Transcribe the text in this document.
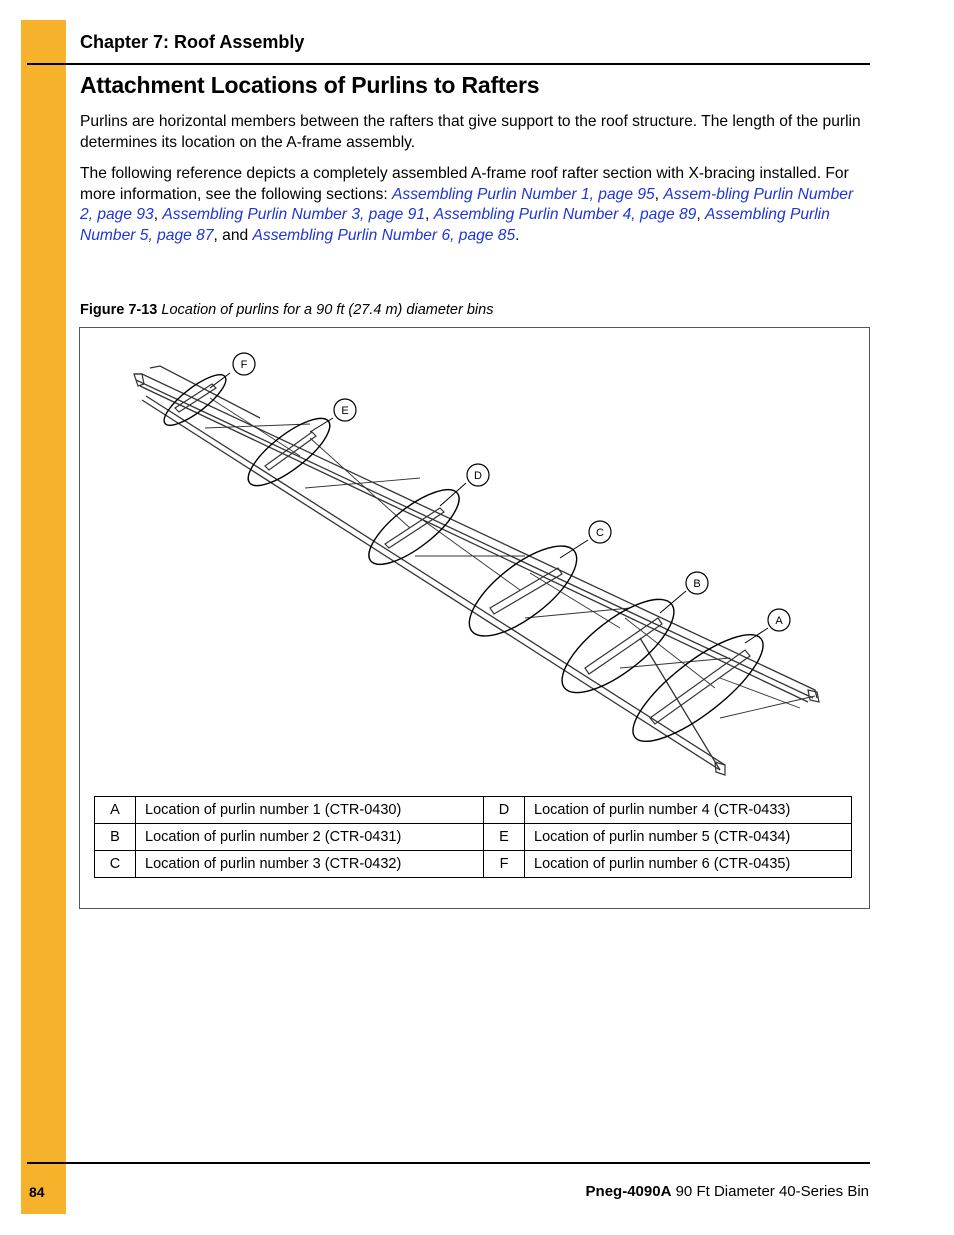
Chapter 7: Roof Assembly
Attachment Locations of Purlins to Rafters

Purlins are horizontal members between the rafters that give support to the roof structure. The length of the purlin determines its location on the A-frame assembly.

The following reference depicts a completely assembled A-frame roof rafter section with X-bracing installed. For more information, see the following sections: Assembling Purlin Number 1, page 95, Assem-bling Purlin Number 2, page 93, Assembling Purlin Number 3, page 91, Assembling Purlin Number 4, page 89, Assembling Purlin Number 5, page 87, and Assembling Purlin Number 6, page 85.

Figure 7-13 Location of purlins for a 90 ft (27.4 m) diameter bins
F
E
D
C
B
A
A	Location of purlin number 1 (CTR-0430)	D	Location of purlin number 4 (CTR-0433)
B	Location of purlin number 2 (CTR-0431)	E	Location of purlin number 5 (CTR-0434)
C	Location of purlin number 3 (CTR-0432)	F	Location of purlin number 6 (CTR-0435)
84	Pneg-4090A 90 Ft Diameter 40-Series Bin
